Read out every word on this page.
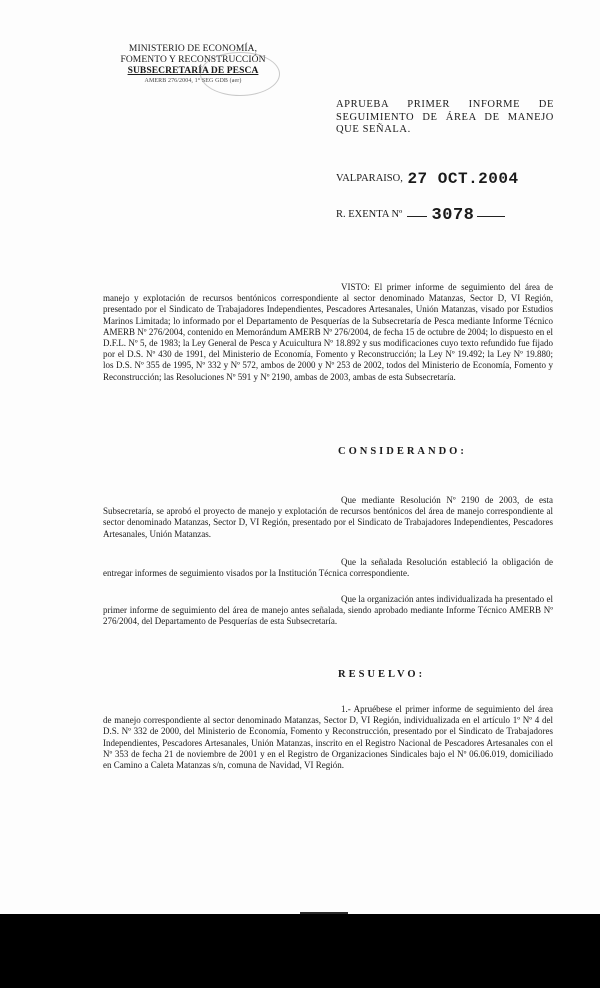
MINISTERIO DE ECONOMÍA,
FOMENTO Y RECONSTRUCCIÓN
SUBSECRETARÍA DE PESCA
AMERB 276/2004, 1° SEG GDB (aer)
APRUEBA PRIMER INFORME DE SEGUIMIENTO DE ÁREA DE MANEJO QUE SEÑALA.
VALPARAISO, 27 OCT.2004
R. EXENTA Nº 3078
VISTO: El primer informe de seguimiento del área de manejo y explotación de recursos bentónicos correspondiente al sector denominado Matanzas, Sector D, VI Región, presentado por el Sindicato de Trabajadores Independientes, Pescadores Artesanales, Unión Matanzas, visado por Estudios Marinos Limitada; lo informado por el Departamento de Pesquerías de la Subsecretaría de Pesca mediante Informe Técnico AMERB Nº 276/2004, contenido en Memorándum AMERB Nº 276/2004, de fecha 15 de octubre de 2004; lo dispuesto en el D.F.L. Nº 5, de 1983; la Ley General de Pesca y Acuicultura Nº 18.892 y sus modificaciones cuyo texto refundido fue fijado por el D.S. Nº 430 de 1991, del Ministerio de Economía, Fomento y Reconstrucción; la Ley Nº 19.492; la Ley Nº 19.880; los D.S. Nº 355 de 1995, Nº 332 y Nº 572, ambos de 2000 y Nº 253 de 2002, todos del Ministerio de Economía, Fomento y Reconstrucción; las Resoluciones Nº 591 y Nº 2190, ambas de 2003, ambas de esta Subsecretaría.
CONSIDERANDO:
Que mediante Resolución Nº 2190 de 2003, de esta Subsecretaría, se aprobó el proyecto de manejo y explotación de recursos bentónicos del área de manejo correspondiente al sector denominado Matanzas, Sector D, VI Región, presentado por el Sindicato de Trabajadores Independientes, Pescadores Artesanales, Unión Matanzas.
Que la señalada Resolución estableció la obligación de entregar informes de seguimiento visados por la Institución Técnica correspondiente.
Que la organización antes individualizada ha presentado el primer informe de seguimiento del área de manejo antes señalada, siendo aprobado mediante Informe Técnico AMERB Nº 276/2004, del Departamento de Pesquerías de esta Subsecretaría.
RESUELVO:
1.- Apruébese el primer informe de seguimiento del área de manejo correspondiente al sector denominado Matanzas, Sector D, VI Región, individualizada en el artículo 1º Nº 4 del D.S. Nº 332 de 2000, del Ministerio de Economía, Fomento y Reconstrucción, presentado por el Sindicato de Trabajadores Independientes, Pescadores Artesanales, Unión Matanzas, inscrito en el Registro Nacional de Pescadores Artesanales con el Nº 353 de fecha 21 de noviembre de 2001 y en el Registro de Organizaciones Sindicales bajo el Nº 06.06.019, domiciliado en Camino a Caleta Matanzas s/n, comuna de Navidad, VI Región.
